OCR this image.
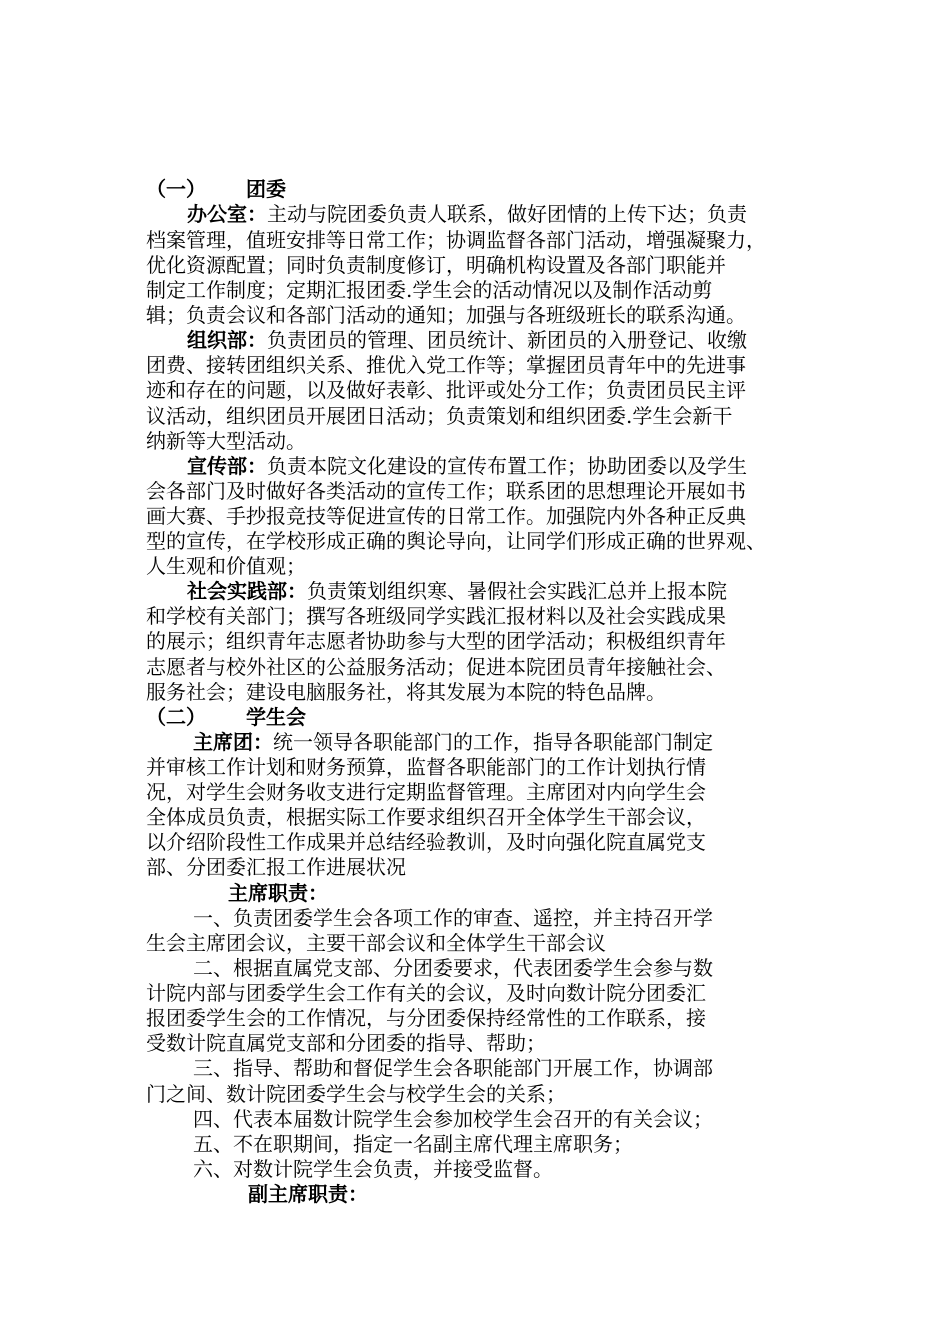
（一） 团委
办公室：主动与院团委负责人联系，做好团情的上传下达；负责
档案管理，值班安排等日常工作；协调监督各部门活动，增强凝聚力，
优化资源配置；同时负责制度修订，明确机构设置及各部门职能并
制定工作制度；定期汇报团委.学生会的活动情况以及制作活动剪
辑；负责会议和各部门活动的通知；加强与各班级班长的联系沟通。
组织部：负责团员的管理、团员统计、新团员的入册登记、收缴
团费、接转团组织关系、推优入党工作等；掌握团员青年中的先进事
迹和存在的问题，以及做好表彰、批评或处分工作；负责团员民主评
议活动，组织团员开展团日活动；负责策划和组织团委.学生会新干
纳新等大型活动。
宣传部：负责本院文化建设的宣传布置工作；协助团委以及学生
会各部门及时做好各类活动的宣传工作；联系团的思想理论开展如书
画大赛、手抄报竞技等促进宣传的日常工作。加强院内外各种正反典
型的宣传，在学校形成正确的舆论导向，让同学们形成正确的世界观、
人生观和价值观；
社会实践部：负责策划组织寒、暑假社会实践汇总并上报本院
和学校有关部门；撰写各班级同学实践汇报材料以及社会实践成果
的展示；组织青年志愿者协助参与大型的团学活动；积极组织青年
志愿者与校外社区的公益服务活动；促进本院团员青年接触社会、
服务社会；建设电脑服务社，将其发展为本院的特色品牌。
（二） 学生会
主席团：统一领导各职能部门的工作，指导各职能部门制定
并审核工作计划和财务预算，监督各职能部门的工作计划执行情
况，对学生会财务收支进行定期监督管理。主席团对内向学生会
全体成员负责，根据实际工作要求组织召开全体学生干部会议，
以介绍阶段性工作成果并总结经验教训，及时向强化院直属党支
部、分团委汇报工作进展状况
主席职责：
一、负责团委学生会各项工作的审查、遥控，并主持召开学
生会主席团会议，主要干部会议和全体学生干部会议
二、根据直属党支部、分团委要求，代表团委学生会参与数
计院内部与团委学生会工作有关的会议，及时向数计院分团委汇
报团委学生会的工作情况，与分团委保持经常性的工作联系，接
受数计院直属党支部和分团委的指导、帮助；
三、指导、帮助和督促学生会各职能部门开展工作，协调部
门之间、数计院团委学生会与校学生会的关系；
四、代表本届数计院学生会参加校学生会召开的有关会议；
五、不在职期间，指定一名副主席代理主席职务；
六、对数计院学生会负责，并接受监督。
副主席职责：
